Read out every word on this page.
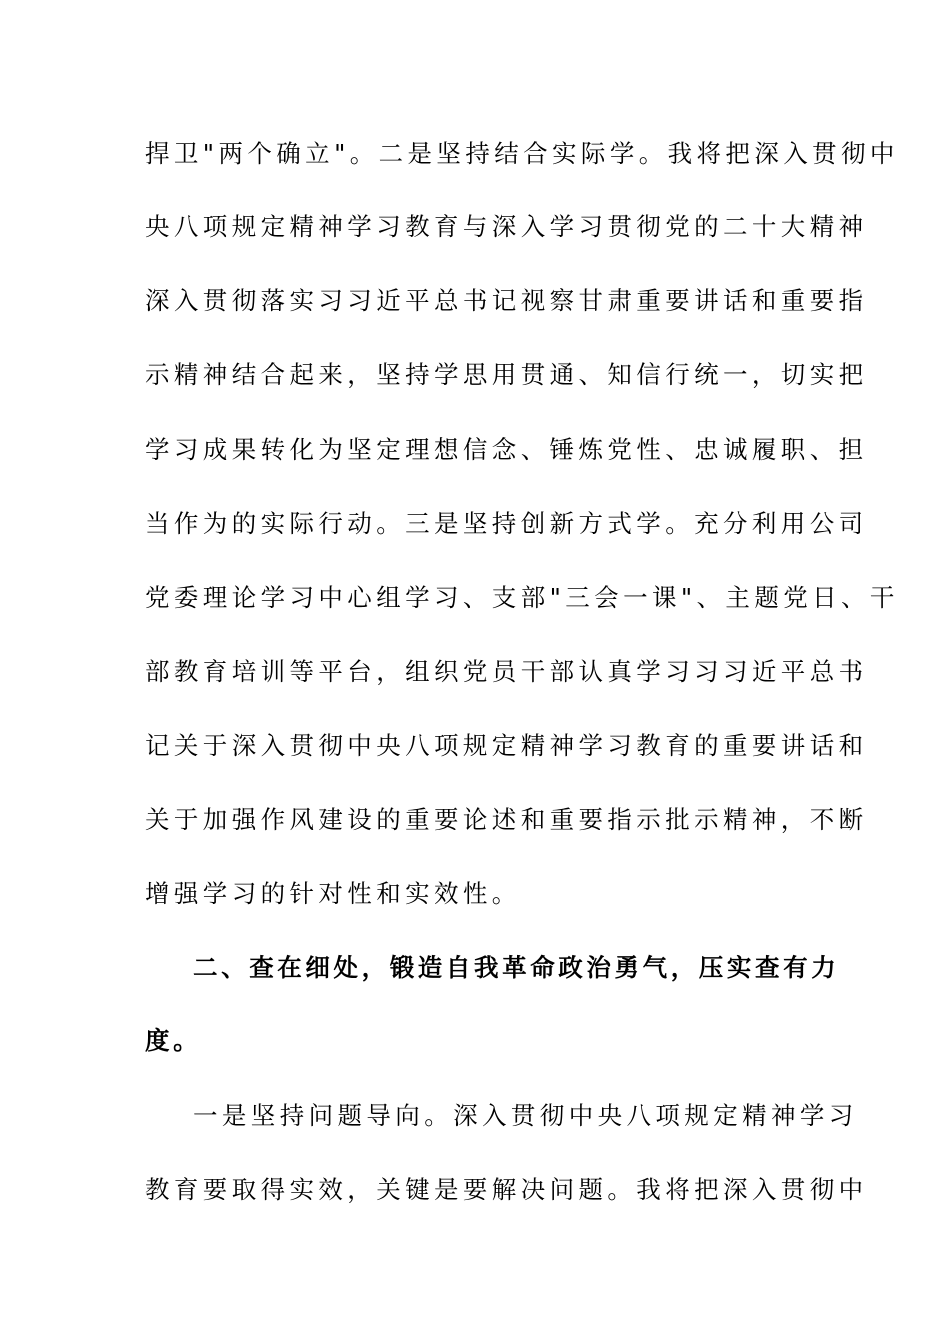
捍卫"两个确立"。二是坚持结合实际学。我将把深入贯彻中
央八项规定精神学习教育与深入学习贯彻党的二十大精神
深入贯彻落实习习近平总书记视察甘肃重要讲话和重要指
示精神结合起来，坚持学思用贯通、知信行统一，切实把
学习成果转化为坚定理想信念、锤炼党性、忠诚履职、担
当作为的实际行动。三是坚持创新方式学。充分利用公司
党委理论学习中心组学习、支部"三会一课"、主题党日、干
部教育培训等平台，组织党员干部认真学习习习近平总书
记关于深入贯彻中央八项规定精神学习教育的重要讲话和
关于加强作风建设的重要论述和重要指示批示精神，不断
增强学习的针对性和实效性。
二、查在细处，锻造自我革命政治勇气，压实查有力
度。
一是坚持问题导向。深入贯彻中央八项规定精神学习
教育要取得实效，关键是要解决问题。我将把深入贯彻中
